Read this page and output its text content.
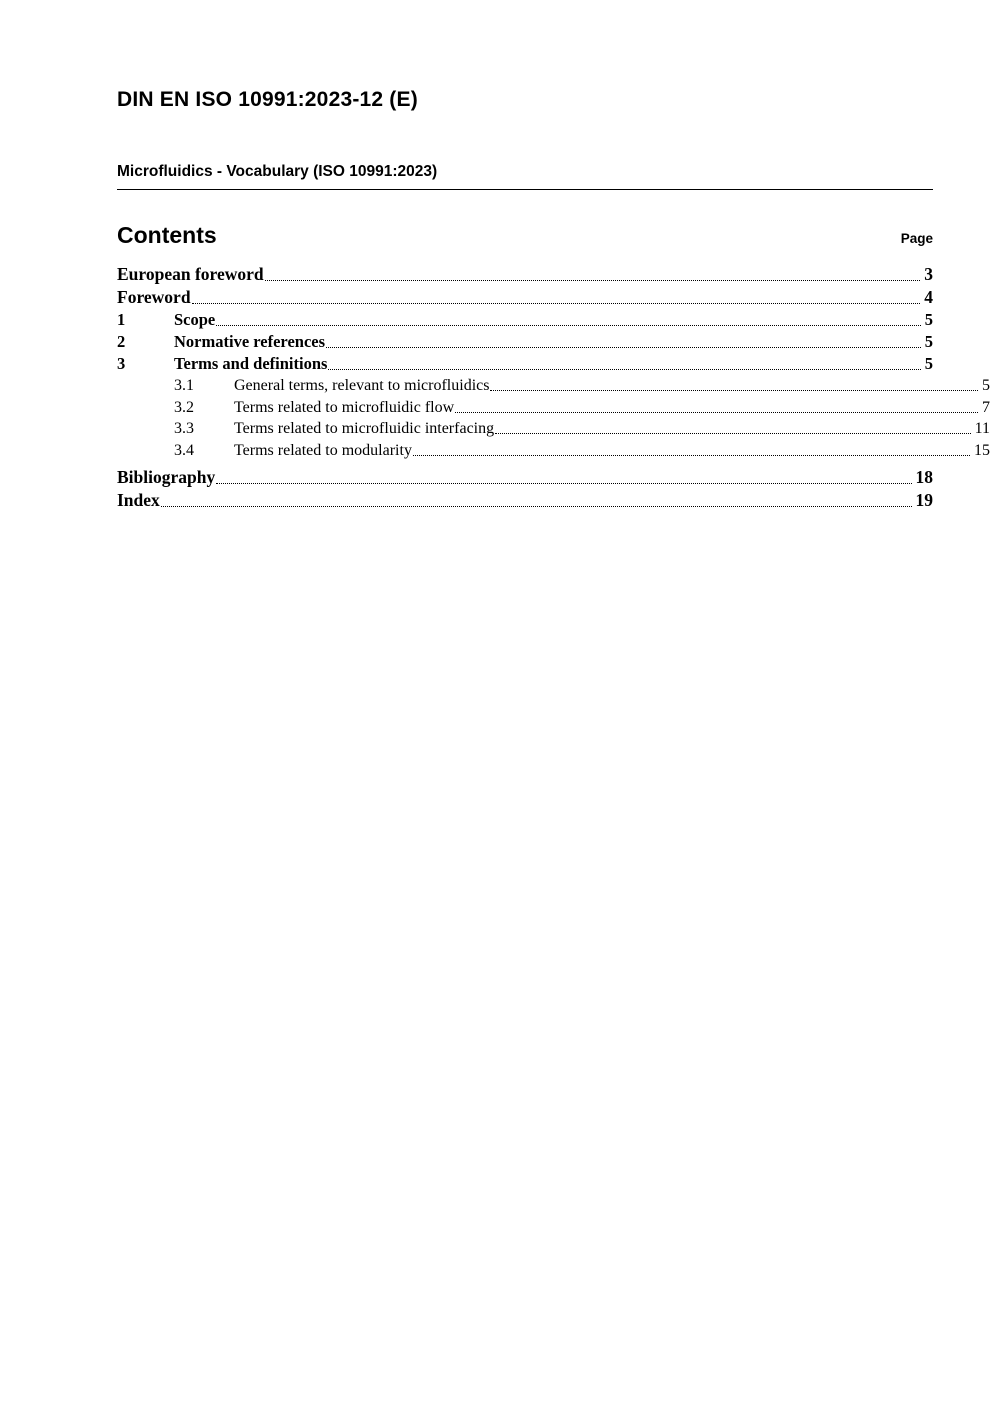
DIN EN ISO 10991:2023-12 (E)
Microfluidics - Vocabulary (ISO 10991:2023)
Contents	Page
European foreword	3
Foreword	4
1	Scope	5
2	Normative references	5
3	Terms and definitions	5
3.1	General terms, relevant to microfluidics	5
3.2	Terms related to microfluidic flow	7
3.3	Terms related to microfluidic interfacing	11
3.4	Terms related to modularity	15
Bibliography	18
Index	19
